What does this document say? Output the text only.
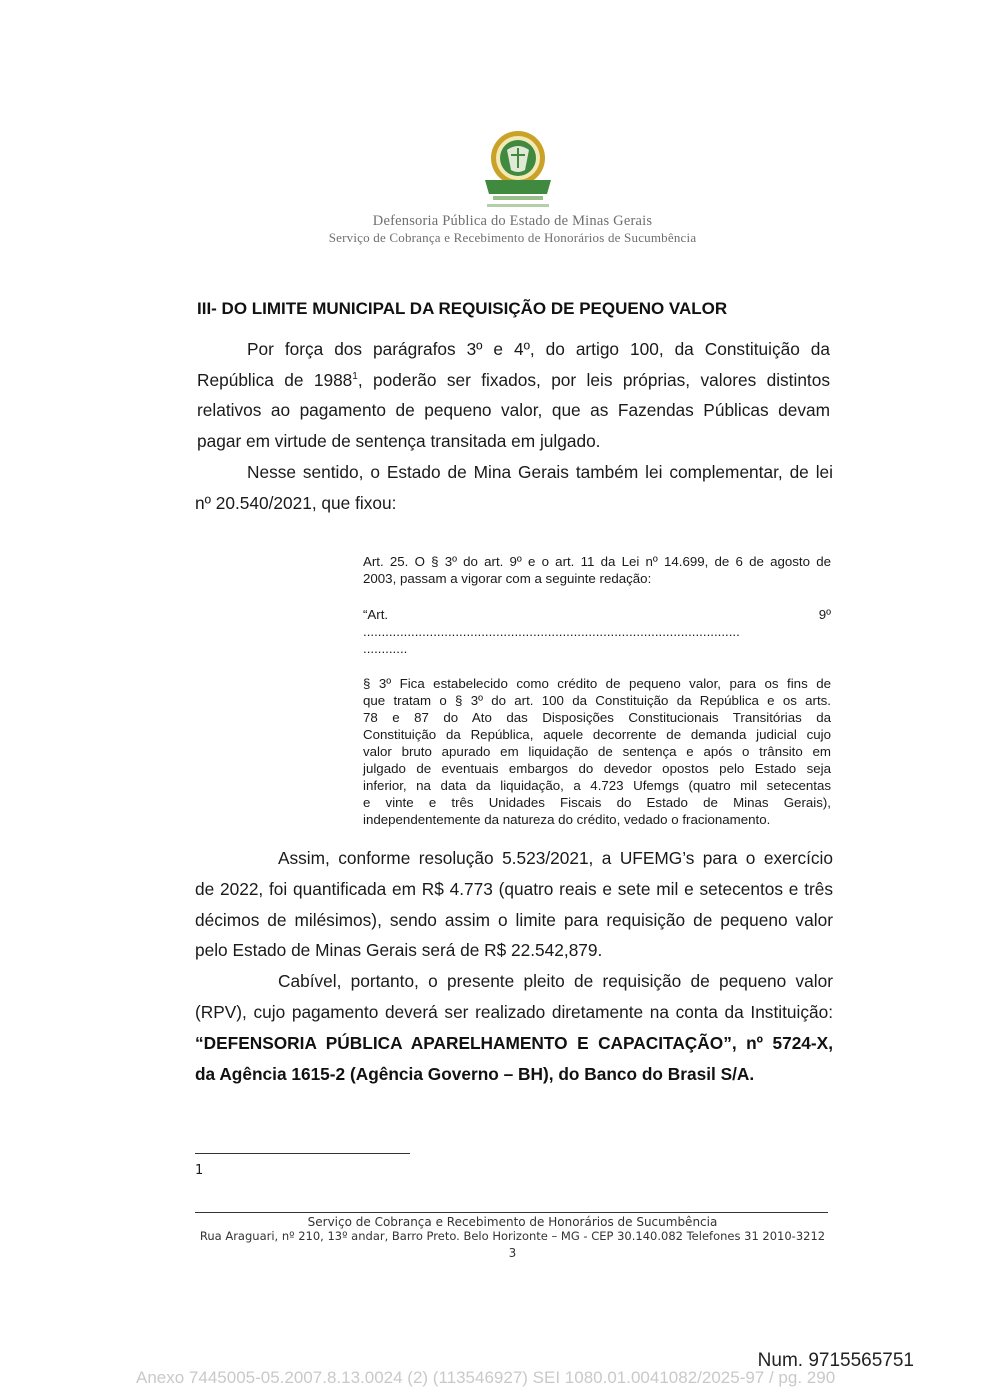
Defensoria Pública do Estado de Minas Gerais
Serviço de Cobrança e Recebimento de Honorários de Sucumbência
III- DO LIMITE MUNICIPAL DA REQUISIÇÃO DE PEQUENO VALOR
Por força dos parágrafos 3º e 4º, do artigo 100, da Constituição da
República de 1988$^1$, poderão ser fixados, por leis próprias, valores distintos
relativos ao pagamento de pequeno valor, que as Fazendas Públicas devam
pagar em virtude de sentença transitada em julgado.
Nesse sentido, o Estado de Mina Gerais também lei complementar, de lei
nº 20.540/2021, que fixou:
Art. 25. O § 3º do art. 9º e o art. 11 da Lei nº 14.699, de 6 de agosto de
2003, passam a vigorar com a seguinte redação:
“Art.	9º
......................................................................................................
............
§ 3º Fica estabelecido como crédito de pequeno valor, para os fins de
que tratam o § 3º do art. 100 da Constituição da República e os arts.
78 e 87 do Ato das Disposições Constitucionais Transitórias da
Constituição da República, aquele decorrente de demanda judicial cujo
valor bruto apurado em liquidação de sentença e após o trânsito em
julgado de eventuais embargos do devedor opostos pelo Estado seja
inferior, na data da liquidação, a 4.723 Ufemgs (quatro mil setecentas
e vinte e três Unidades Fiscais do Estado de Minas Gerais),
independentemente da natureza do crédito, vedado o fracionamento.
Assim, conforme resolução 5.523/2021, a UFEMG’s para o exercício
de 2022, foi quantificada em R$ 4.773 (quatro reais e sete mil e setecentos e três
décimos de milésimos), sendo assim o limite para requisição de pequeno valor
pelo Estado de Minas Gerais será de R$ 22.542,879.
Cabível, portanto, o presente pleito de requisição de pequeno valor
(RPV), cujo pagamento deverá ser realizado diretamente na conta da Instituição:
“DEFENSORIA PÚBLICA APARELHAMENTO E CAPACITAÇÃO”, nº 5724-X,
da Agência 1615-2 (Agência Governo – BH), do Banco do Brasil S/A.
1
Serviço de Cobrança e Recebimento de Honorários de Sucumbência
Rua Araguari, nº 210, 13º andar, Barro Preto. Belo Horizonte – MG - CEP 30.140.082 Telefones 31 2010-3212
3
Num. 9715565751
Anexo 7445005-05.2007.8.13.0024 (2) (113546927) SEI 1080.01.0041082/2025-97 / pg. 290
